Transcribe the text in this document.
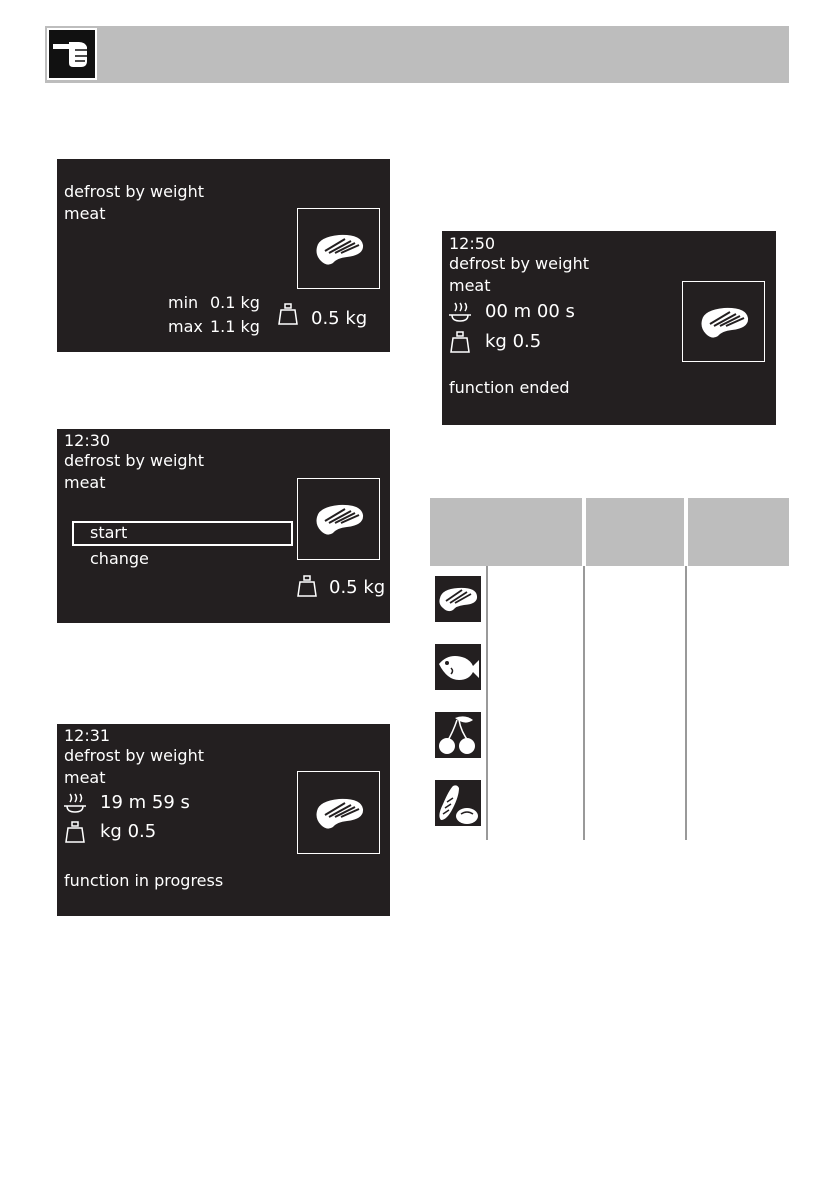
defrost by weight
meat
min 0.1 kg
max 1.1 kg	0.5 kg
12:30
defrost by weight
meat
start
change
0.5 kg
12:31
defrost by weight
meat
19 m 59 s
kg 0.5
function in progress
12:50
defrost by weight
meat
00 m 00 s
kg 0.5
function ended
